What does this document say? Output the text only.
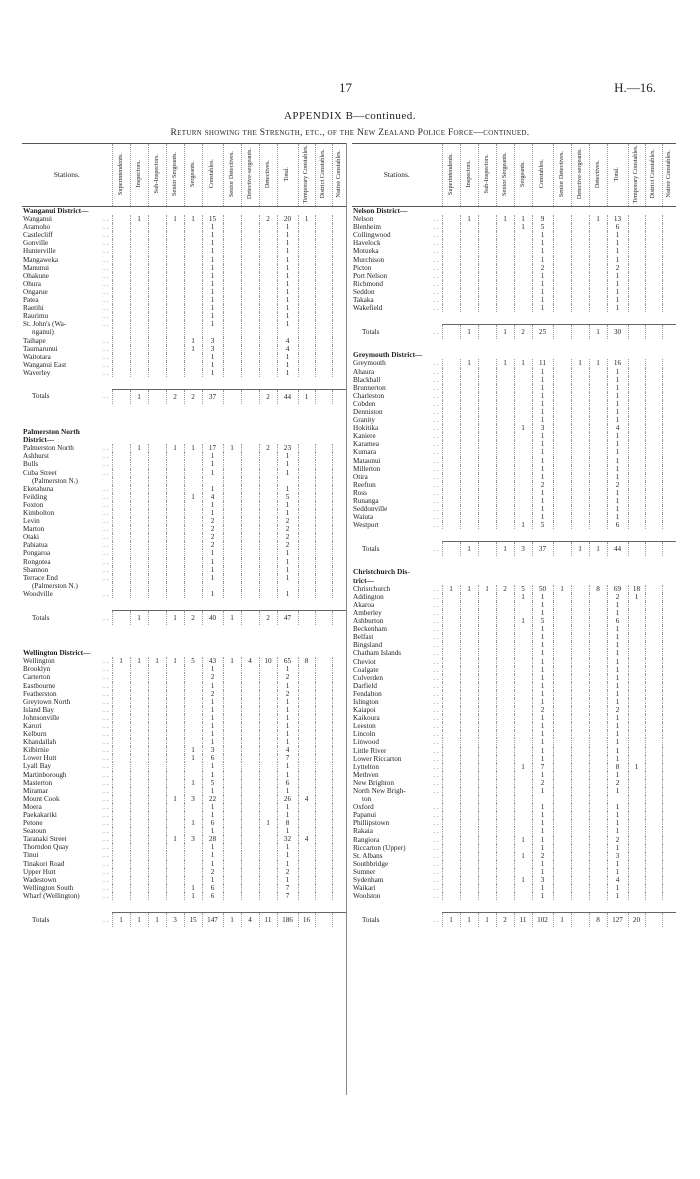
17	H.—16.
APPENDIX B—continued.
Return showing the Strength, etc., of the New Zealand Police Force—continued.
Stations.	Superintendents.	Inspectors.	Sub-Inspectors.	Senior Sergeants.	Sergeants.	Constables.	Senior Detectives.	Detective-sergeants.	Detectives.	Total.	Temporary Constables.	District Constables.	Native Constables.
Wanganui District—													
Wanganui . .		1		1	1	15			2	20	1		
Aramoho . .						1				1			
Castlecliff . .						1				1			
Gonville . .						1				1			
Hunterville . .						1				1			
Mangaweka . .						1				1			
Manunui . .						1				1			
Ohakune . .						1				1			
Ohura . .						1				1			
Ongarue . .						1				1			
Patea . .						1				1			
Raetihi . .						1				1			
Raurimu . .						1				1			
St. John's (Wa- . .						1				1			
nganui)													
Taihape . .					1	3				4			
Taumarunui . .					1	3				4			
Waitotara . .						1				1			
Wanganui East . .						1				1			
Waverley . .						1				1			

Totals . .		1		2	2	37			2	44	1		

Palmerston North													
District—													
Palmerston North . .		1		1	1	17	1		2	23			
Ashhurst . .						1				1			
Bulls . .						1				1			
Cuba Street . .						1				1			
(Palmerston N.)													
Eketahuna . .						1				1			
Feilding . .					1	4				5			
Foxton . .						1				1			
Kimbolton . .						1				1			
Levin . .						2				2			
Marton . .						2				2			
Otaki . .						2				2			
Pahiatua . .						2				2			
Pongaroa . .						1				1			
Rongotea . .						1				1			
Shannon . .						1				1			
Terrace End . .						1				1			
(Palmerston N.)													
Woodville . .						1				1			

Totals . .		1		1	2	40	1		2	47			

Wellington District—													
Wellington . .	1	1	1	1	5	43	1	4	10	65	8		
Brooklyn . .						1				1			
Carterton . .						2				2			
Eastbourne . .						1				1			
Featherston . .						2				2			
Greytown North . .						1				1			
Island Bay . .						1				1			
Johnsonville . .						1				1			
Karori . .						1				1			
Kelburn . .						1				1			
Khandallah . .						1				1			
Kilbirnie . .					1	3				4			
Lower Hutt . .					1	6				7			
Lyall Bay . .						1				1			
Martinborough . .						1				1			
Masterton . .					1	5				6			
Miramar . .						1				1			
Mount Cook . .				1	3	22				26	4		
Moera . .						1				1			
Paekakariki . .						1				1			
Petone . .					1	6			1	8			
Seatoun . .						1				1			
Taranaki Street . .				1	3	28				32	4		
Thorndon Quay . .						1				1			
Tinui . .						1				1			
Tinakori Road . .						1				1			
Upper Hutt . .						2				2			
Wadestown . .						1				1			
Wellington South . .					1	6				7			
Wharf (Wellington) . .					1	6				7			

Totals . .	1	1	1	3	15	147	1	4	11	186	16		
Stations.	Superintendents.	Inspectors.	Sub-Inspectors.	Senior Sergeants.	Sergeants.	Constables.	Senior Detectives.	Detective-sergeants.	Detectives.	Total.	Temporary Constables.	District Constables.	Native Constables.
Nelson District—													
Nelson . .		1		1	1	9			1	13			
Blenheim . .					1	5				6			
Collingwood . .						1				1			
Havelock . .						1				1			
Motueka . .						1				1			
Murchison . .						1				1			
Picton . .						2				2			
Port Nelson . .						1				1			
Richmond . .						1				1			
Seddon . .						1				1			
Takaka . .						1				1			
Wakefield . .						1				1			

Totals . .		1		1	2	25			1	30			

Greymouth District—													
Greymouth . .		1		1	1	11		1	1	16			
Ahaura . .						1				1			
Blackball . .						1				1			
Brunnerton . .						1				1			
Charleston . .						1				1			
Cobden . .						1				1			
Denniston . .						1				1			
Granity . .						1				1			
Hokitika . .					1	3				4			
Kaniere . .						1				1			
Karamea . .						1				1			
Kumara . .						1				1			
Mataunui . .						1				1			
Millerton . .						1				1			
Otira . .						1				1			
Reefton . .						2				2			
Ross . .						1				1			
Runanga . .						1				1			
Seddonville . .						1				1			
Waiuta . .						1				1			
Westport . .					1	5				6			

Totals . .		1		1	3	37		1	1	44			

Christchurch Dis-													
trict—													
Christchurch . .	1	1	1	2	5	50	1		8	69	18		
Addington . .					1	1				2	1		
Akaroa . .						1				1			
Amberley . .						1				1			
Ashburton . .					1	5				6			
Beckenham . .						1				1			
Belfast . .						1				1			
Bingsland . .						1				1			
Chatham Islands . .						1				1			
Cheviot . .						1				1			
Coalgate . .						1				1			
Culverden . .						1				1			
Darfield . .						1				1			
Fendalton . .						1				1			
Islington . .						1				1			
Kaiapoi . .						2				2			
Kaikoura . .						1				1			
Leeston . .						1				1			
Lincoln . .						1				1			
Linwood . .						1				1			
Little River . .						1				1			
Lower Riccarton . .						1				1			
Lyttelton . .					1	7				8	1		
Methven . .						1				1			
New Brighton . .						2				2			
North New Brigh- . .						1				1			
ton													
Oxford . .						1				1			
Papanui . .						1				1			
Phillipstown . .						1				1			
Rakaia . .						1				1			
Rangiora . .					1	1				2			
Riccarton (Upper) . .						1				1			
St. Albans . .					1	2				3			
Southbridge . .						1				1			
Sumner . .						1				1			
Sydenham . .					1	3				4			
Waikari . .						1				1			
Woolston . .						1				1			

Totals . .	1	1	1	2	11	102	1		8	127	20		
